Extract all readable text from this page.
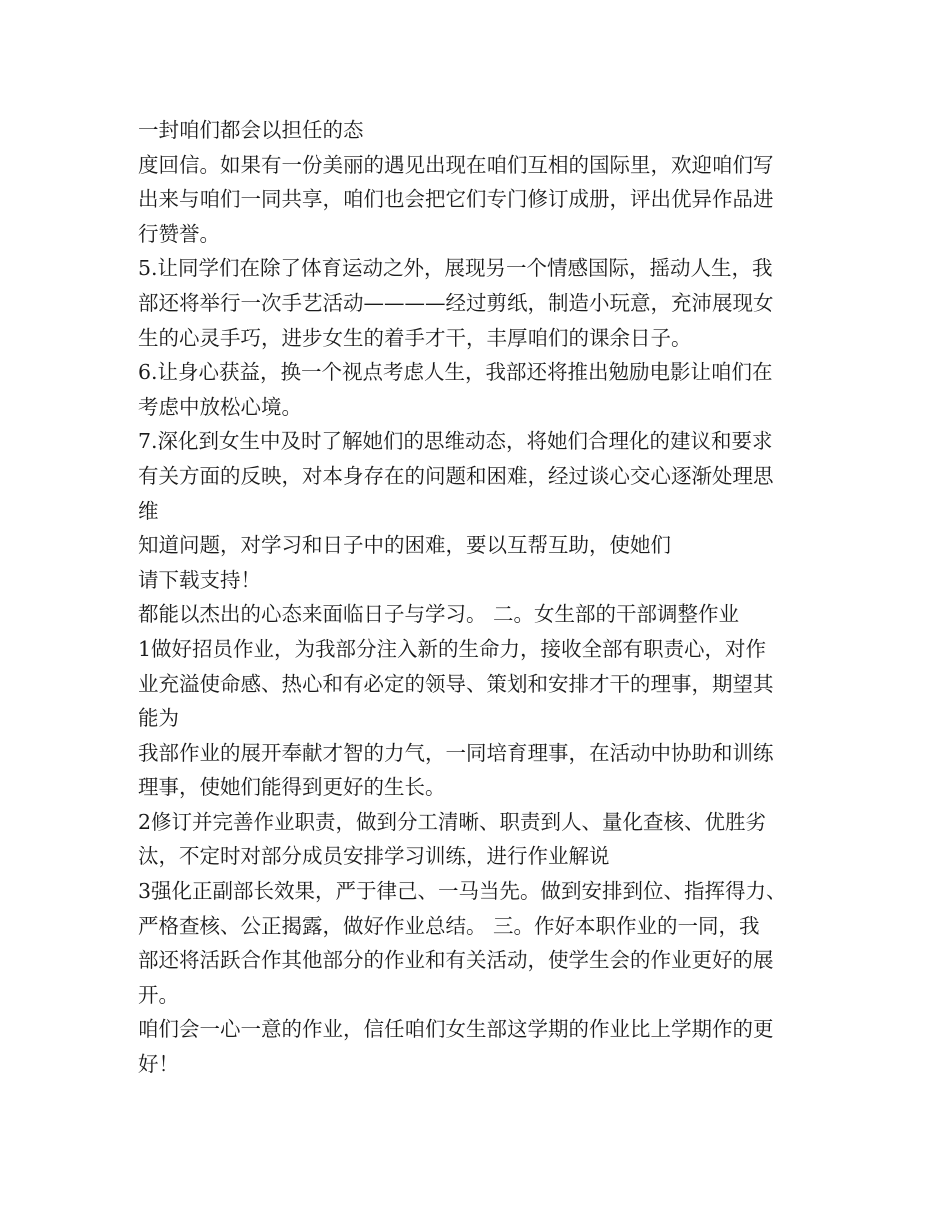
一封咱们都会以担任的态
度回信。如果有一份美丽的遇见出现在咱们互相的国际里，欢迎咱们写
出来与咱们一同共享，咱们也会把它们专门修订成册，评出优异作品进
行赞誉。
5.让同学们在除了体育运动之外，展现另一个情感国际，摇动人生，我
部还将举行一次手艺活动————经过剪纸，制造小玩意，充沛展现女
生的心灵手巧，进步女生的着手才干，丰厚咱们的课余日子。
6.让身心获益，换一个视点考虑人生，我部还将推出勉励电影让咱们在
考虑中放松心境。
7.深化到女生中及时了解她们的思维动态，将她们合理化的建议和要求
有关方面的反映，对本身存在的问题和困难，经过谈心交心逐渐处理思
维
知道问题，对学习和日子中的困难，要以互帮互助，使她们
请下载支持！
都能以杰出的心态来面临日子与学习。 二。女生部的干部调整作业
1做好招员作业，为我部分注入新的生命力，接收全部有职责心，对作
业充溢使命感、热心和有必定的领导、策划和安排才干的理事，期望其
能为
我部作业的展开奉献才智的力气，一同培育理事，在活动中协助和训练
理事，使她们能得到更好的生长。
2修订并完善作业职责，做到分工清晰、职责到人、量化查核、优胜劣
汰，不定时对部分成员安排学习训练，进行作业解说
3强化正副部长效果，严于律己、一马当先。做到安排到位、指挥得力、
严格查核、公正揭露，做好作业总结。 三。作好本职作业的一同，我
部还将活跃合作其他部分的作业和有关活动，使学生会的作业更好的展
开。
咱们会一心一意的作业，信任咱们女生部这学期的作业比上学期作的更
好！
